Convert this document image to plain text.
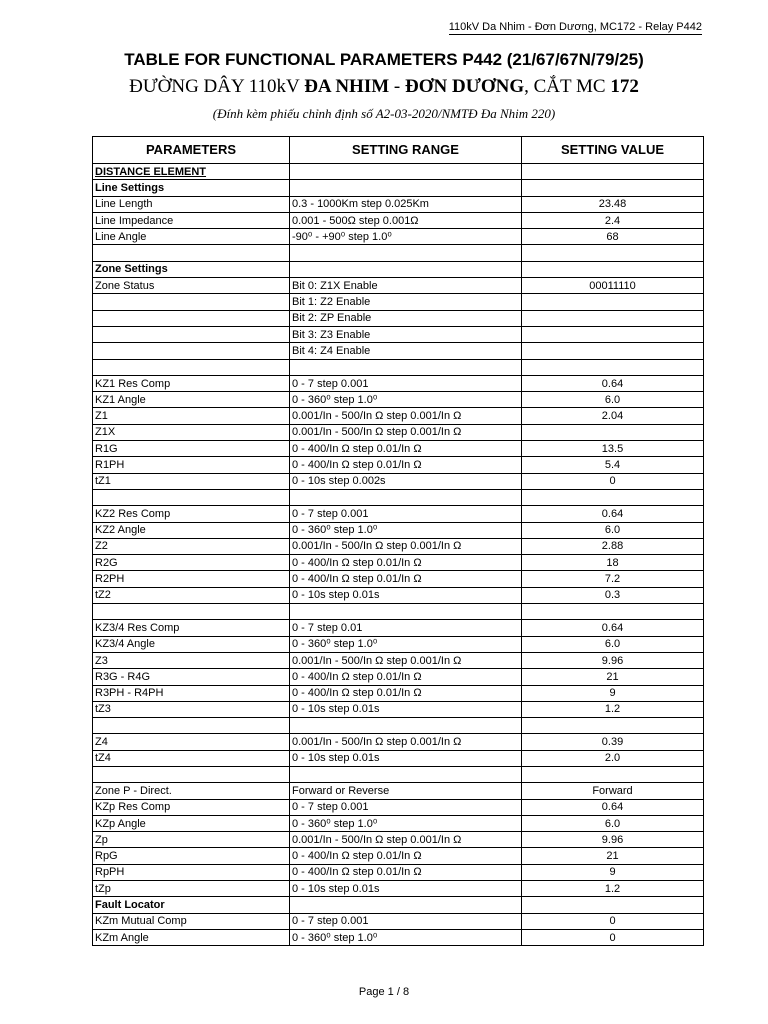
110kV Da Nhim - Đơn Dương, MC172 - Relay P442
TABLE FOR FUNCTIONAL PARAMETERS P442 (21/67/67N/79/25)
ĐƯỜNG DÂY 110kV ĐA NHIM - ĐƠN DƯƠNG, CẮT MC 172
(Đính kèm phiếu chỉnh định số A2-03-2020/NMTĐ Đa Nhim 220)
PARAMETERS	SETTING RANGE	SETTING VALUE
DISTANCE ELEMENT		
Line Settings		
Line Length	0.3 - 1000Km step 0.025Km	23.48
Line Impedance	0.001 - 500Ω step 0.001Ω	2.4
Line Angle	-90⁰ - +90⁰ step 1.0⁰	68

Zone Settings		
Zone Status	Bit 0: Z1X Enable	00011110
	Bit 1: Z2 Enable	
	Bit 2: ZP Enable	
	Bit 3: Z3 Enable	
	Bit 4: Z4 Enable	

KZ1 Res Comp	0 - 7 step 0.001	0.64
KZ1 Angle	0 - 360⁰ step 1.0⁰	6.0
Z1	0.001/In - 500/In Ω step 0.001/In Ω	2.04
Z1X	0.001/In - 500/In Ω step 0.001/In Ω	
R1G	0 - 400/In Ω step 0.01/In Ω	13.5
R1PH	0 - 400/In Ω step 0.01/In Ω	5.4
tZ1	0 - 10s step 0.002s	0

KZ2 Res Comp	0 - 7 step 0.001	0.64
KZ2 Angle	0 - 360⁰ step 1.0⁰	6.0
Z2	0.001/In - 500/In Ω step 0.001/In Ω	2.88
R2G	0 - 400/In Ω step 0.01/In Ω	18
R2PH	0 - 400/In Ω step 0.01/In Ω	7.2
tZ2	0 - 10s step 0.01s	0.3

KZ3/4 Res Comp	0 - 7 step 0.01	0.64
KZ3/4 Angle	0 - 360⁰ step 1.0⁰	6.0
Z3	0.001/In - 500/In Ω step 0.001/In Ω	9.96
R3G - R4G	0 - 400/In Ω step 0.01/In Ω	21
R3PH - R4PH	0 - 400/In Ω step 0.01/In Ω	9
tZ3	0 - 10s step 0.01s	1.2

Z4	0.001/In - 500/In Ω step 0.001/In Ω	0.39
tZ4	0 - 10s step 0.01s	2.0

Zone P - Direct.	Forward or Reverse	Forward
KZp Res Comp	0 - 7 step 0.001	0.64
KZp Angle	0 - 360⁰ step 1.0⁰	6.0
Zp	0.001/In - 500/In Ω step 0.001/In Ω	9.96
RpG	0 - 400/In Ω step 0.01/In Ω	21
RpPH	0 - 400/In Ω step 0.01/In Ω	9
tZp	0 - 10s step 0.01s	1.2
Fault Locator		
KZm Mutual Comp	0 - 7 step 0.001	0
KZm Angle	0 - 360⁰ step 1.0⁰	0
Page 1 / 8
